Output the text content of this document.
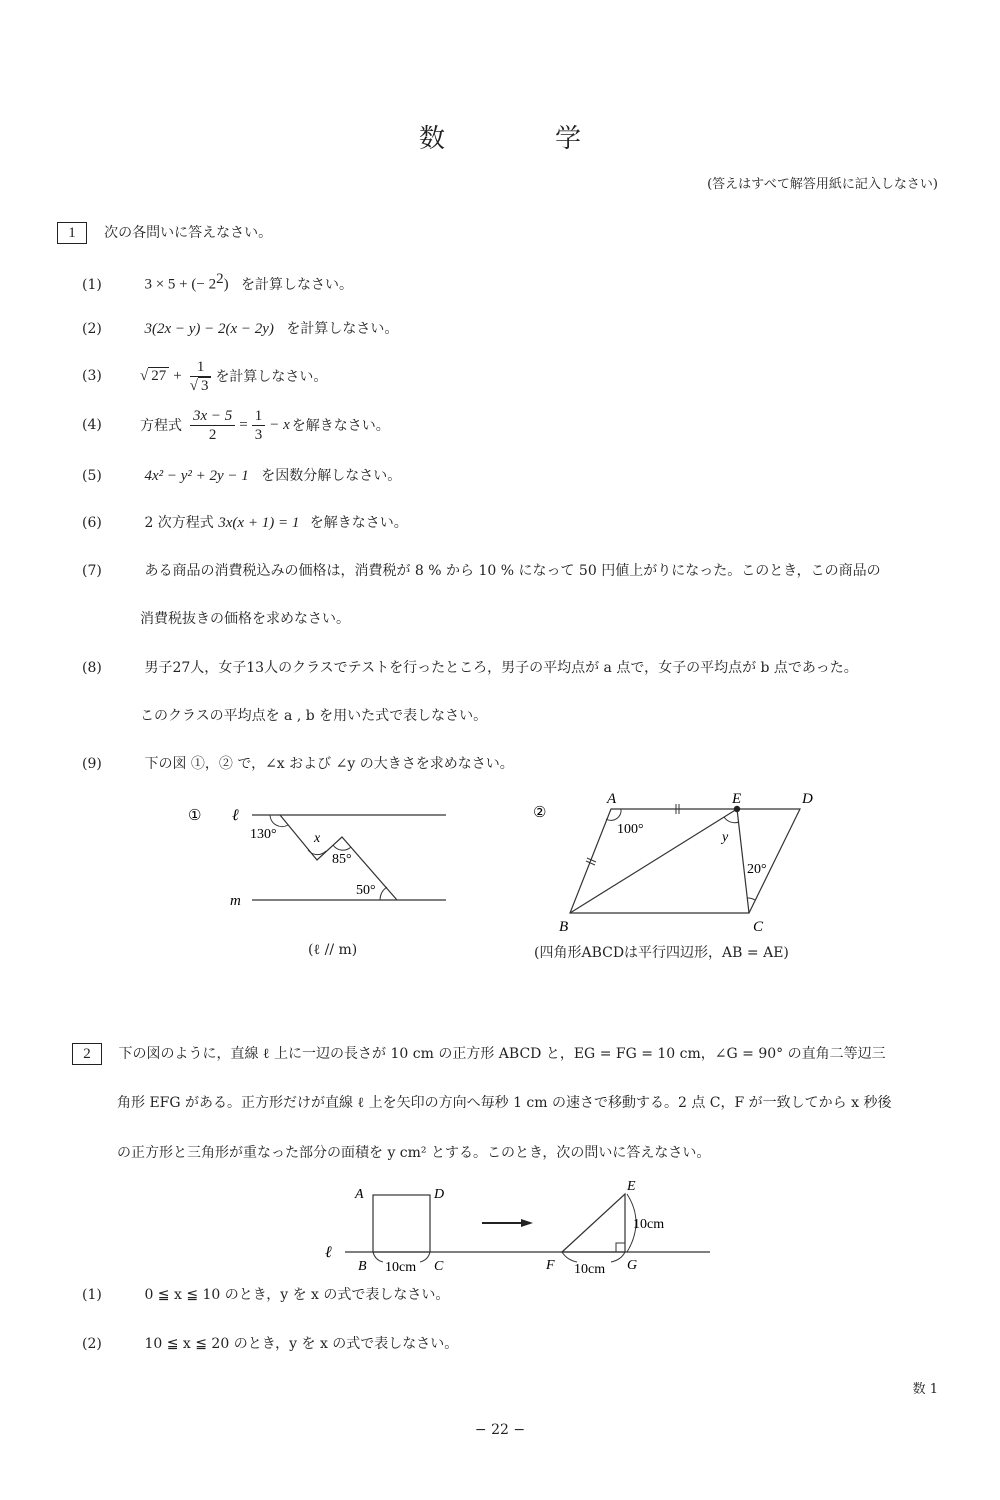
数	学
(答えはすべて解答用紙に記入しなさい)
1 次の各問いに答えなさい。
(1)	3 × 5 + (− $2^2$) を計算しなさい。
(2)	3(2x − y) − 2(x − 2y) を計算しなさい。
(3)	√ $27 + \frac{1}{√ 3}$ を計算しなさい。
(4)	方程式 $\frac{3x - 5}{2} = \frac{1}{3} - x$ を解きなさい。
(5)	4x² − y² + 2y − 1 を因数分解しなさい。
(6)	2 次方程式 3x(x + 1) = 1 を解きなさい。
(7)	ある商品の消費税込みの価格は，消費税が 8 % から 10 % になって 50 円値上がりになった。このとき，この商品の
消費税抜きの価格を求めなさい。
(8)	男子27人，女子13人のクラスでテストを行ったところ，男子の平均点が a 点で，女子の平均点が b 点であった。
このクラスの平均点を a , b を用いた式で表しなさい。
(9)	下の図 ①，② で，∠x および ∠y の大きさを求めなさい。
① ℓ
m
130°	x
85°
50°
(ℓ // m)
②
100°
y
20°
A	E	D
B	C
(四角形ABCDは平行四辺形，AB = AE)
2 下の図のように，直線 ℓ 上に一辺の長さが 10 cm の正方形 ABCD と，EG = FG = 10 cm，∠G = 90° の直角二等辺三
角形 EFG がある。正方形だけが直線 ℓ 上を矢印の方向へ毎秒 1 cm の速さで移動する。2 点 C，F が一致してから x 秒後
の正方形と三角形が重なった部分の面積を y cm² とする。このとき，次の問いに答えなさい。
ℓ
A	D
B	C
10cm
E
F	G
10cm
10cm
(1)	0 ≦ x ≦ 10 のとき，y を x の式で表しなさい。
(2)	10 ≦ x ≦ 20 のとき，y を x の式で表しなさい。
数 1
− 22 −
